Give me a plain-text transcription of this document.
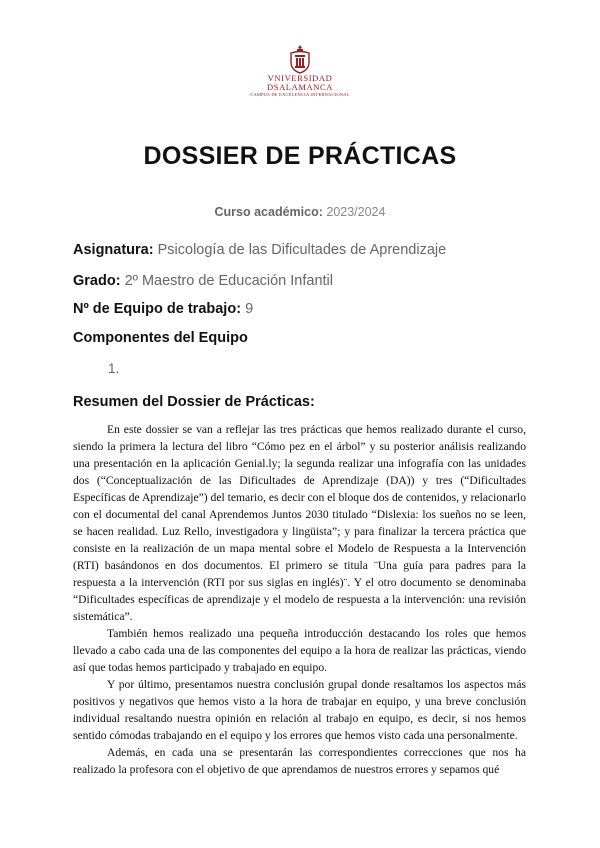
VNIVERSIDAD
DSALAMANCA
CAMPUS DE EXCELENCIA INTERNACIONAL
DOSSIER DE PRÁCTICAS
Curso académico: 2023/2024
Asignatura: Psicología de las Dificultades de Aprendizaje
Grado: 2º Maestro de Educación Infantil
Nº de Equipo de trabajo: 9
Componentes del Equipo
1.
Resumen del Dossier de Prácticas:

En este dossier se van a reflejar las tres prácticas que hemos realizado durante el curso, siendo la primera la lectura del libro “Cómo pez en el árbol” y su posterior análisis realizando una presentación en la aplicación Genial.ly; la segunda realizar una infografía con las unidades dos (“Conceptualización de las Dificultades de Aprendizaje (DA)) y tres (“Dificultades Específicas de Aprendizaje”) del temario, es decir con el bloque dos de contenidos, y relacionarlo con el documental del canal Aprendemos Juntos 2030 titulado “Dislexia: los sueños no se leen, se hacen realidad. Luz Rello, investigadora y lingüista”; y para finalizar la tercera práctica que consiste en la realización de un mapa mental sobre el Modelo de Respuesta a la Intervención (RTI) basándonos en dos documentos. El primero se titula ¨Una guía para padres para la respuesta a la intervención (RTI por sus siglas en inglés)¨. Y el otro documento se denominaba “Dificultades específicas de aprendizaje y el modelo de respuesta a la intervención: una revisión sistemática”.

También hemos realizado una pequeña introducción destacando los roles que hemos llevado a cabo cada una de las componentes del equipo a la hora de realizar las prácticas, viendo así que todas hemos participado y trabajado en equipo.

Y por último, presentamos nuestra conclusión grupal donde resaltamos los aspectos más positivos y negativos que hemos visto a la hora de trabajar en equipo, y una breve conclusión individual resaltando nuestra opinión en relación al trabajo en equipo, es decir, si nos hemos sentido cómodas trabajando en el equipo y los errores que hemos visto cada una personalmente.

Además, en cada una se presentarán las correspondientes correcciones que nos ha realizado la profesora con el objetivo de que aprendamos de nuestros errores y sepamos qué
